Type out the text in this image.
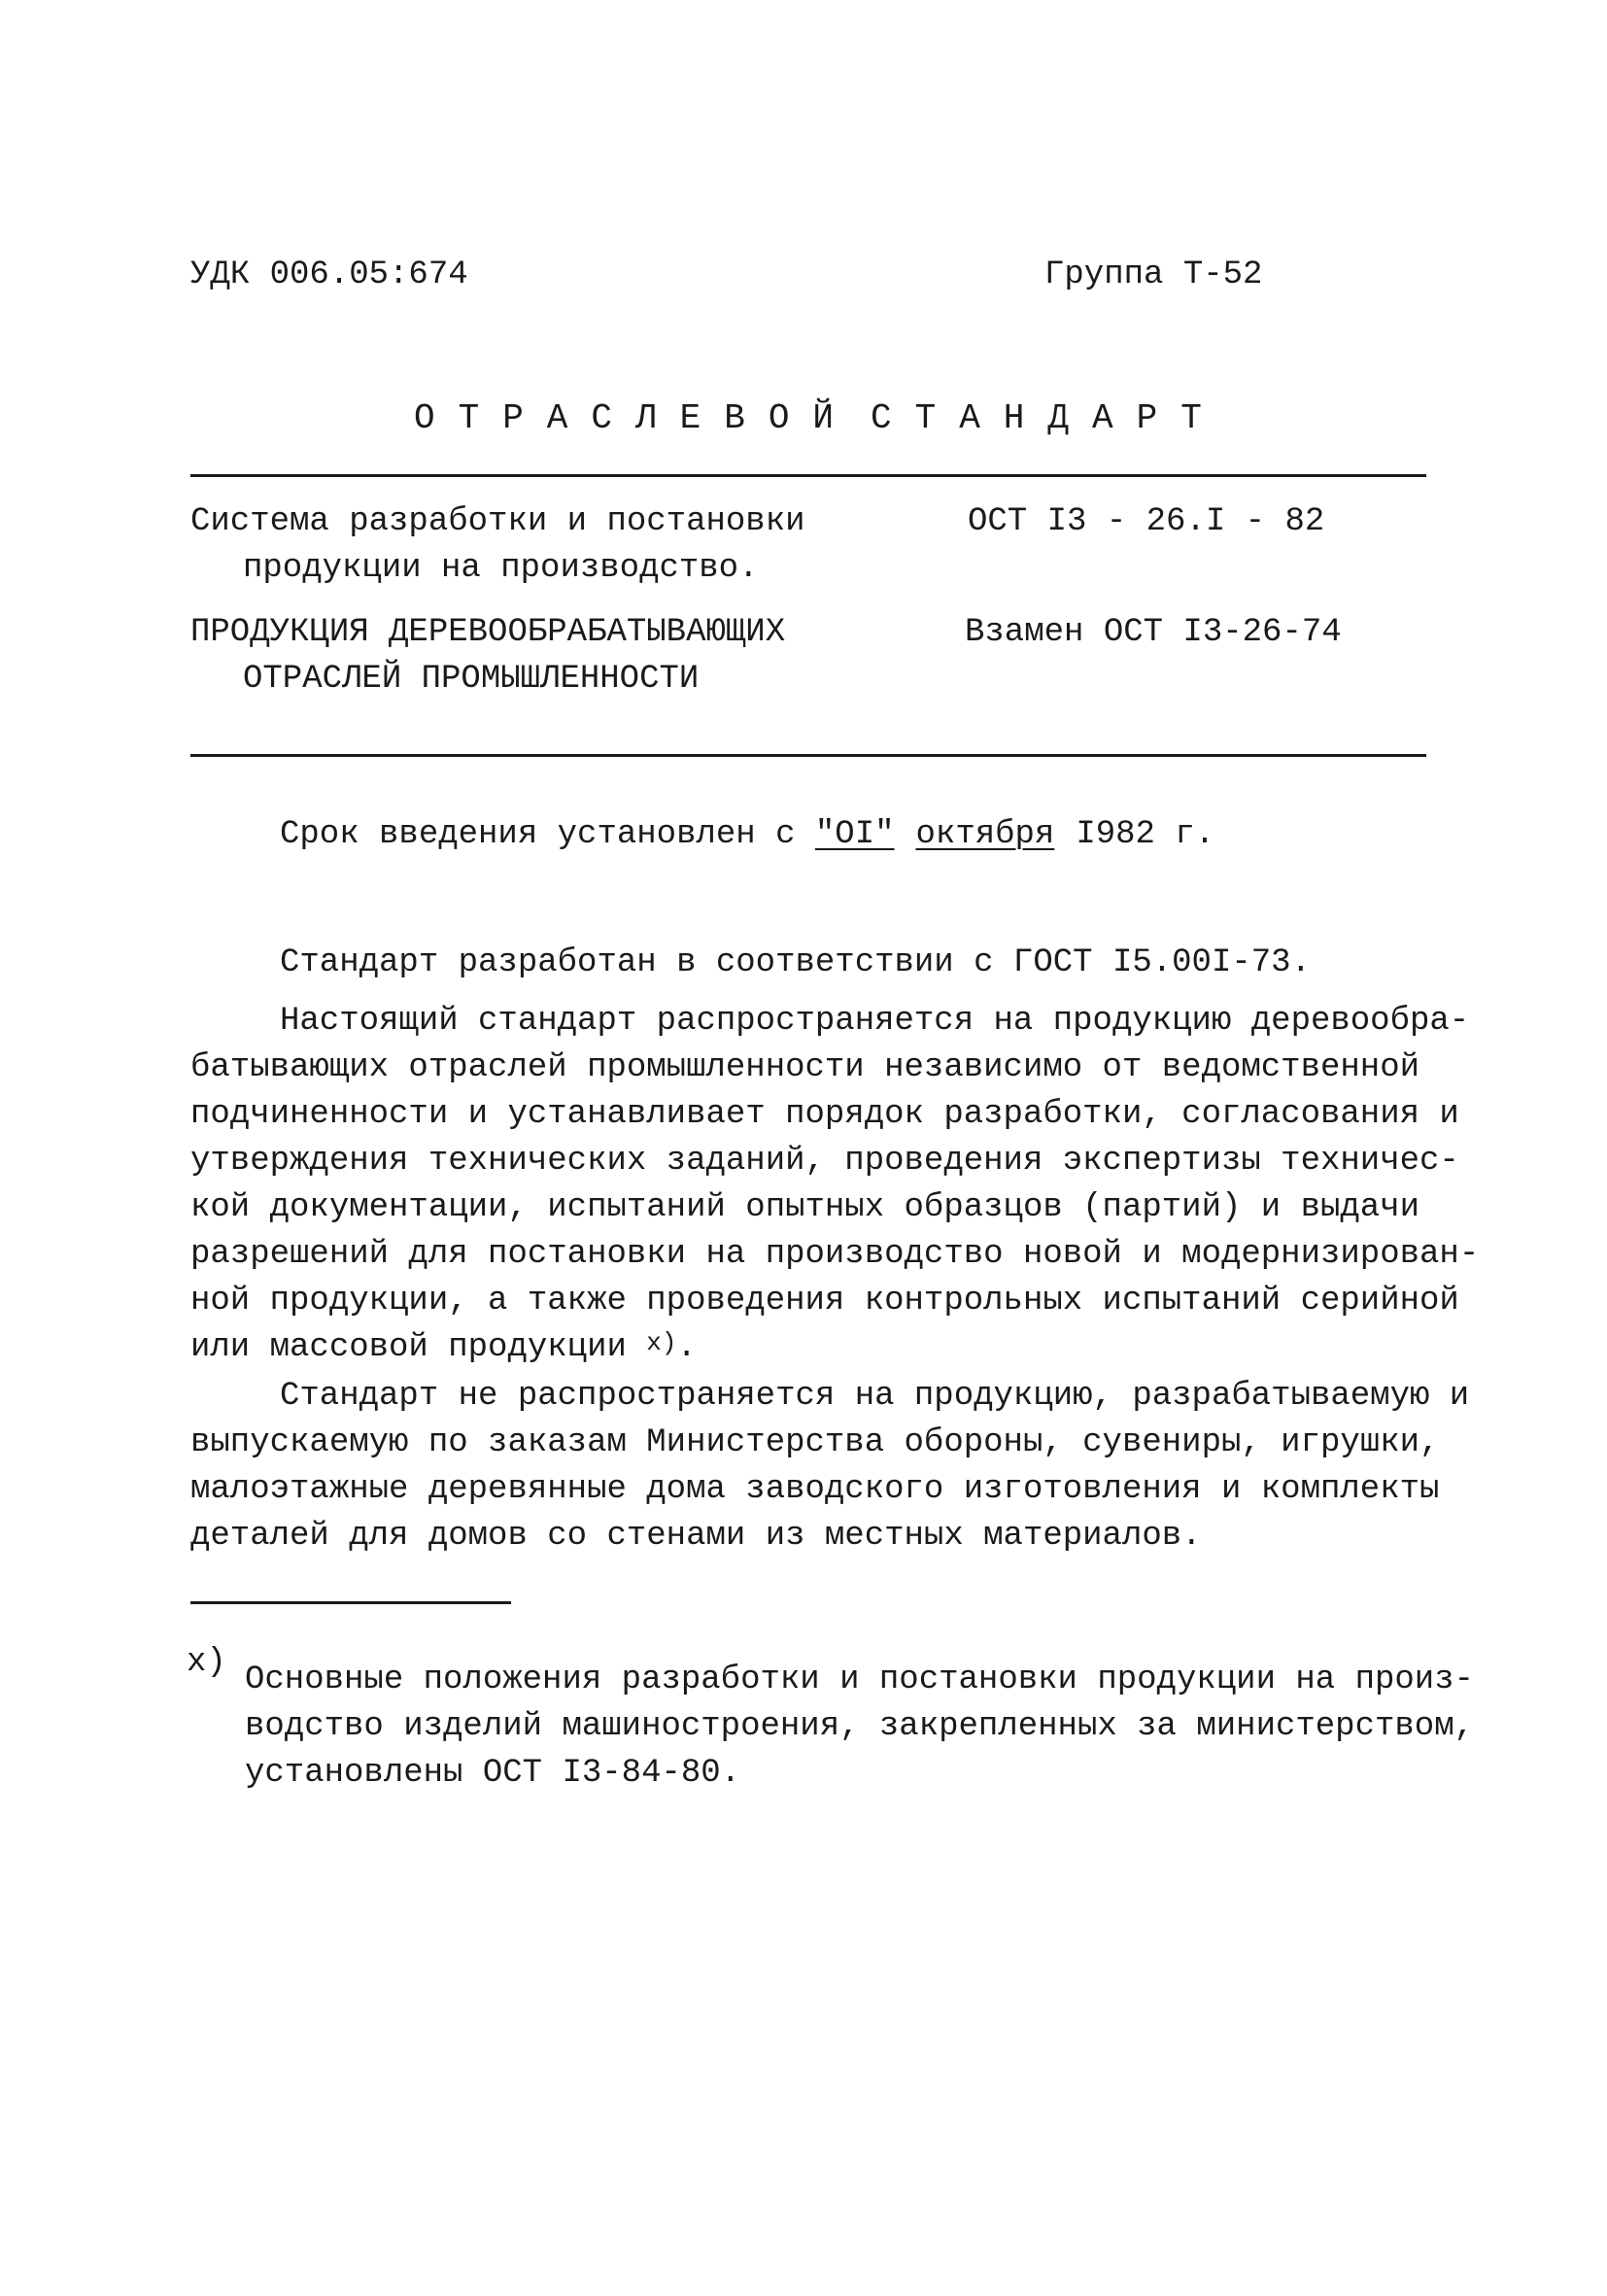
УДК 006.05:674	Группа Т-52
ОТРАСЛЕВОЙ СТАНДАРТ
Система разработки и постановки
продукции на производство.
ПРОДУКЦИЯ ДЕРЕВООБРАБАТЫВАЮЩИХ
ОТРАСЛЕЙ ПРОМЫШЛЕННОСТИ
ОСТ I3 - 26.I - 82
Взамен ОСТ I3-26-74
Срок введения установлен с "OI" октября I982 г.
Стандарт разработан в соответствии с ГОСТ I5.00I-73.
Настоящий стандарт распространяется на продукцию деревообра-
батывающих отраслей промышленности независимо от ведомственной
подчиненности и устанавливает порядок разработки, согласования и
утверждения технических заданий, проведения экспертизы техничес-
кой документации, испытаний опытных образцов (партий) и выдачи
разрешений для постановки на производство новой и модернизирован-
ной продукции, а также проведения контрольных испытаний серийной
или массовой продукции $^{x)}$.
Стандарт не распространяется на продукцию, разрабатываемую и
выпускаемую по заказам Министерства обороны, сувениры, игрушки,
малоэтажные деревянные дома заводского изготовления и комплекты
деталей для домов со стенами из местных материалов.
x) Основные положения разработки и постановки продукции на произ-
водство изделий машиностроения, закрепленных за министерством,
установлены ОСТ I3-84-80.
